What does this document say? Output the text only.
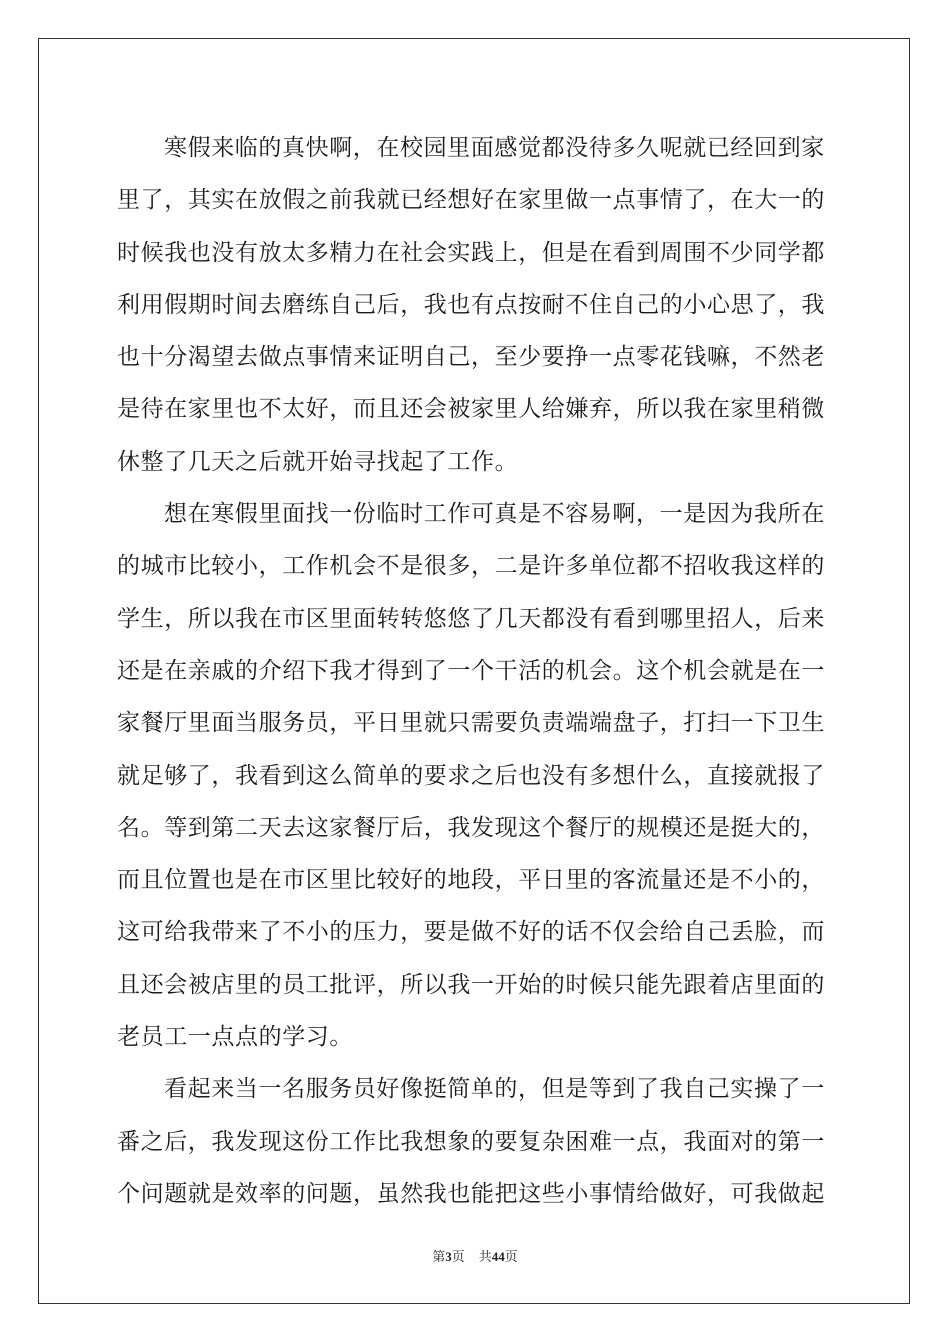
寒假来临的真快啊，在校园里面感觉都没待多久呢就已经回到家
里了，其实在放假之前我就已经想好在家里做一点事情了，在大一的
时候我也没有放太多精力在社会实践上，但是在看到周围不少同学都
利用假期时间去磨练自己后，我也有点按耐不住自己的小心思了，我
也十分渴望去做点事情来证明自己，至少要挣一点零花钱嘛，不然老
是待在家里也不太好，而且还会被家里人给嫌弃，所以我在家里稍微
休整了几天之后就开始寻找起了工作。
想在寒假里面找一份临时工作可真是不容易啊，一是因为我所在
的城市比较小，工作机会不是很多，二是许多单位都不招收我这样的
学生，所以我在市区里面转转悠悠了几天都没有看到哪里招人，后来
还是在亲戚的介绍下我才得到了一个干活的机会。这个机会就是在一
家餐厅里面当服务员，平日里就只需要负责端端盘子，打扫一下卫生
就足够了，我看到这么简单的要求之后也没有多想什么，直接就报了
名。等到第二天去这家餐厅后，我发现这个餐厅的规模还是挺大的，
而且位置也是在市区里比较好的地段，平日里的客流量还是不小的，
这可给我带来了不小的压力，要是做不好的话不仅会给自己丢脸，而
且还会被店里的员工批评，所以我一开始的时候只能先跟着店里面的
老员工一点点的学习。
看起来当一名服务员好像挺简单的，但是等到了我自己实操了一
番之后，我发现这份工作比我想象的要复杂困难一点，我面对的第一
个问题就是效率的问题，虽然我也能把这些小事情给做好，可我做起
第3页 共44页
